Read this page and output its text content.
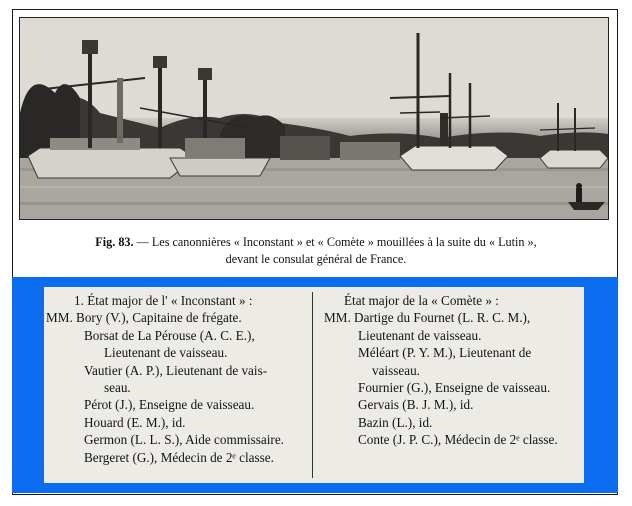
Fig. 83. — Les canonnières « Inconstant » et « Comète » mouillées à la suite du « Lutin »,
devant le consulat général de France.
1. État major de l' « Inconstant » :
MM. Bory (V.), Capitaine de frégate.
Borsat de La Pérouse (A. C. E.),
Lieutenant de vaisseau.
Vautier (A. P.), Lieutenant de vais-
seau.
Pérot (J.), Enseigne de vaisseau.
Houard (E. M.), id.
Germon (L. L. S.), Aide commissaire.
Bergeret (G.), Médecin de 2ᵉ classe.
État major de la « Comète » :
MM. Dartige du Fournet (L. R. C. M.),
Lieutenant de vaisseau.
Méléart (P. Y. M.), Lieutenant de
vaisseau.
Fournier (G.), Enseigne de vaisseau.
Gervais (B. J. M.), id.
Bazin (L.), id.
Conte (J. P. C.), Médecin de 2ᵉ classe.
